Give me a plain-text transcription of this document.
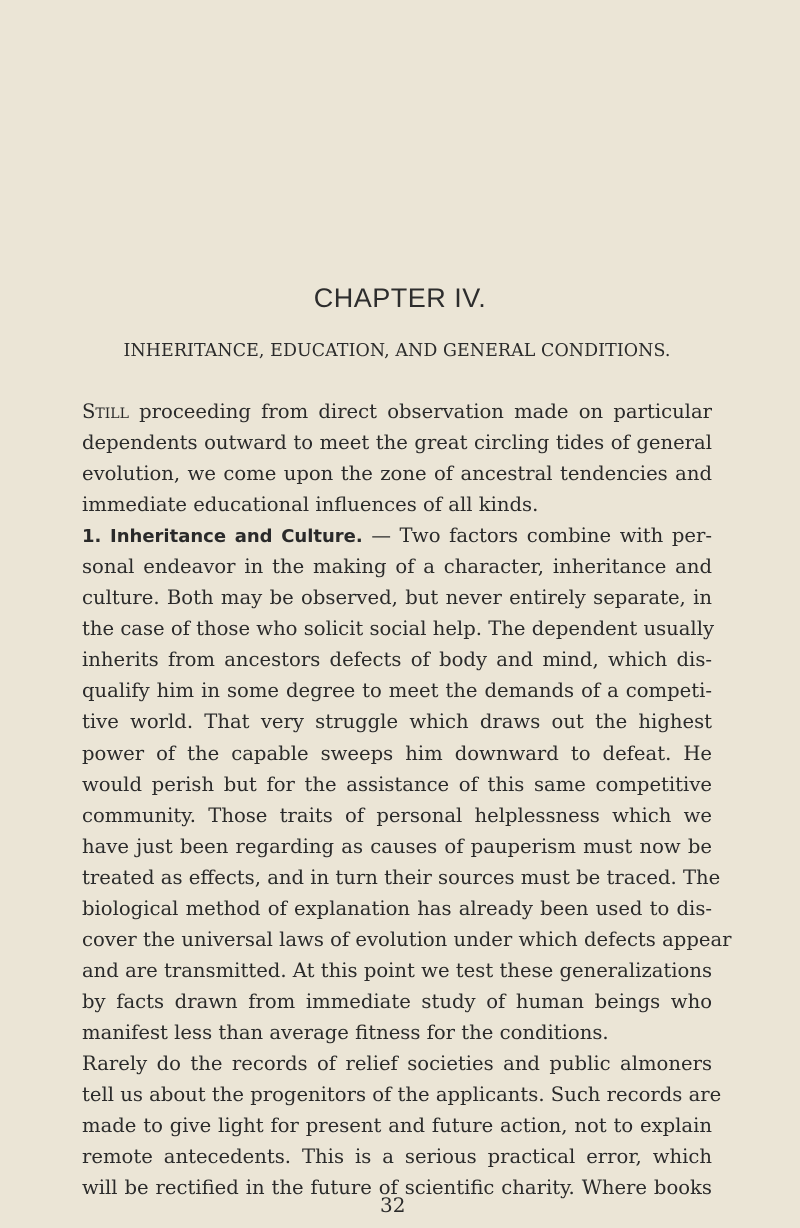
CHAPTER IV.
INHERITANCE, EDUCATION, AND GENERAL CONDITIONS.
Still proceeding from direct observation made on particular
dependents outward to meet the great circling tides of general
evolution, we come upon the zone of ancestral tendencies and
immediate educational influences of all kinds.
1. Inheritance and Culture. — Two factors combine with per-
sonal endeavor in the making of a character, inheritance and
culture. Both may be observed, but never entirely separate, in
the case of those who solicit social help. The dependent usually
inherits from ancestors defects of body and mind, which dis-
qualify him in some degree to meet the demands of a competi-
tive world. That very struggle which draws out the highest
power of the capable sweeps him downward to defeat. He
would perish but for the assistance of this same competitive
community. Those traits of personal helplessness which we
have just been regarding as causes of pauperism must now be
treated as effects, and in turn their sources must be traced. The
biological method of explanation has already been used to dis-
cover the universal laws of evolution under which defects appear
and are transmitted. At this point we test these generalizations
by facts drawn from immediate study of human beings who
manifest less than average fitness for the conditions.
Rarely do the records of relief societies and public almoners
tell us about the progenitors of the applicants. Such records are
made to give light for present and future action, not to explain
remote antecedents. This is a serious practical error, which
will be rectified in the future of scientific charity. Where books
32
